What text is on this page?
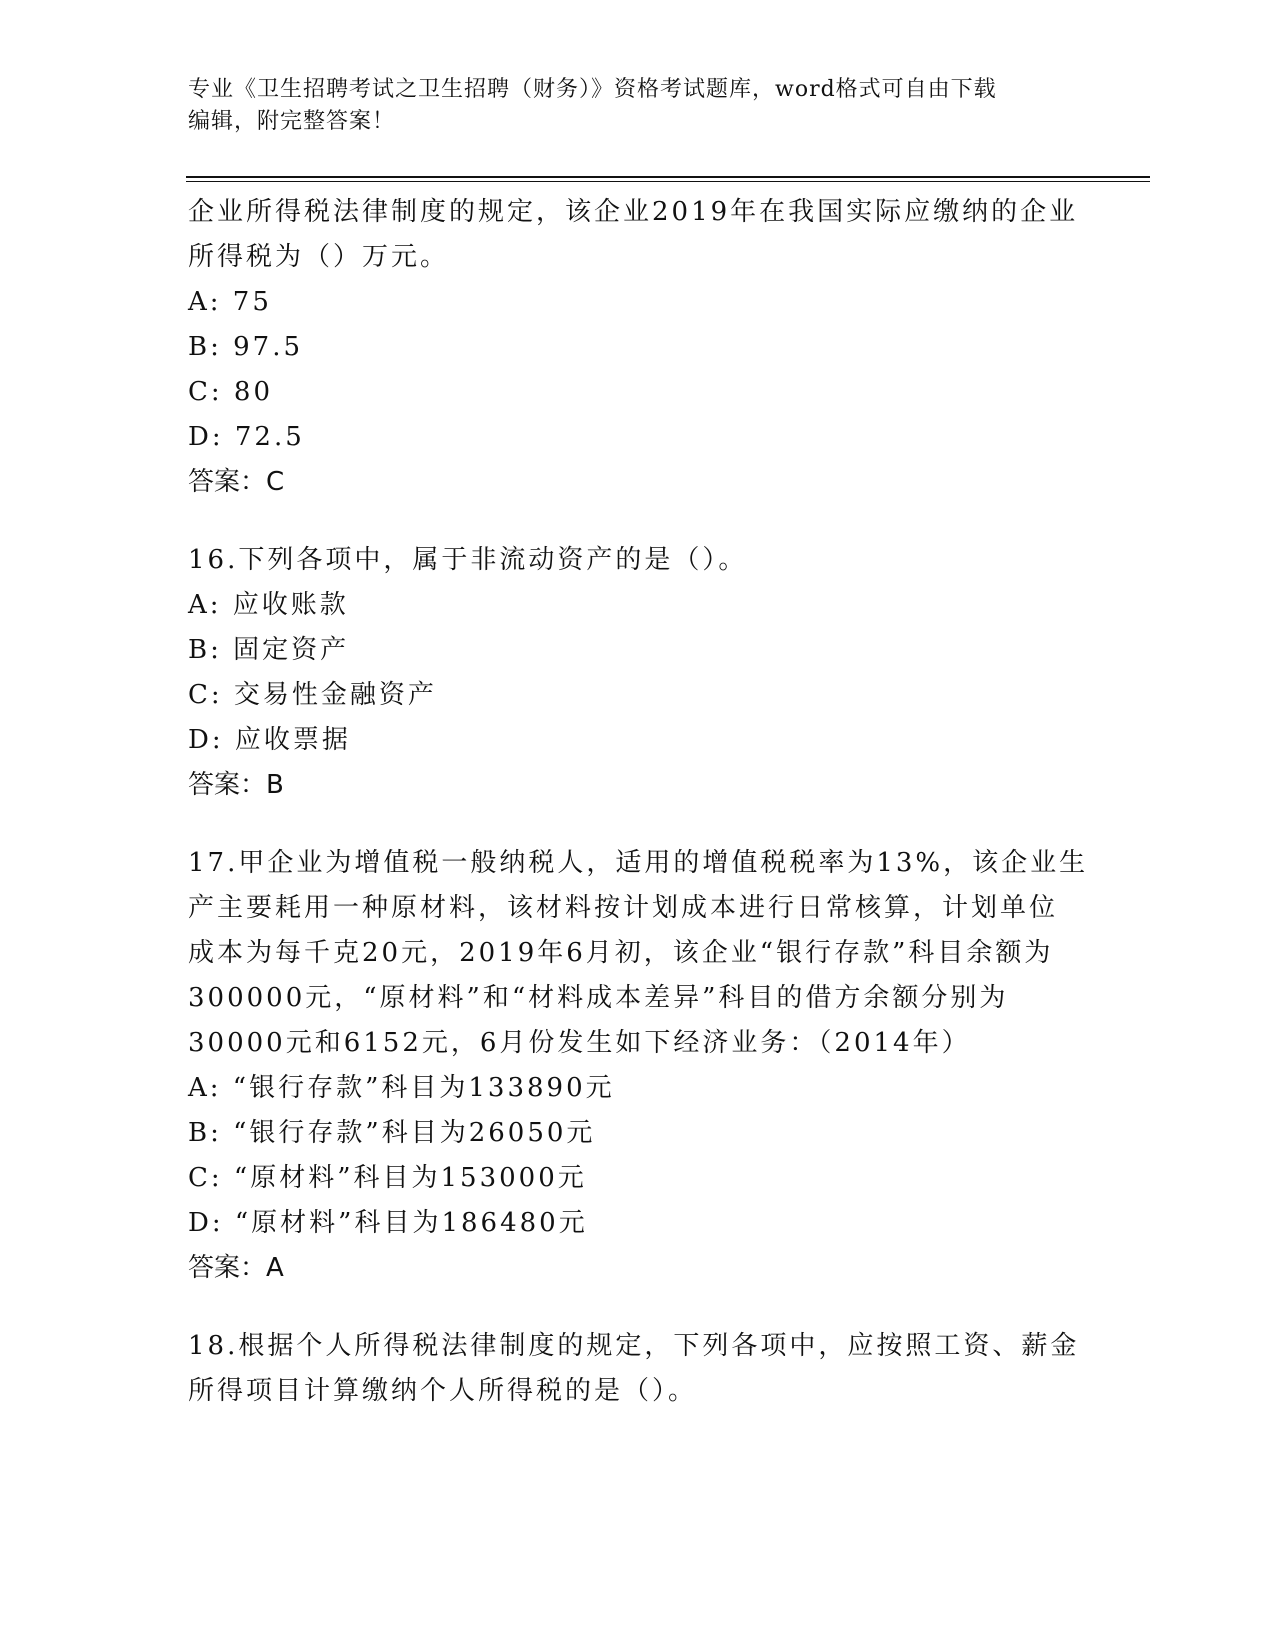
专业《卫生招聘考试之卫生招聘（财务）》资格考试题库，word格式可自由下载
编辑，附完整答案！

企业所得税法律制度的规定，该企业2019年在我国实际应缴纳的企业

所得税为（）万元。

A: 75

B: 97.5

C: 80

D: 72.5

答案：C

16.下列各项中，属于非流动资产的是（）。

A: 应收账款

B: 固定资产

C: 交易性金融资产

D: 应收票据

答案：B

17.甲企业为增值税一般纳税人，适用的增值税税率为13%，该企业生

产主要耗用一种原材料，该材料按计划成本进行日常核算，计划单位

成本为每千克20元，2019年6月初，该企业“银行存款”科目余额为

300000元，“原材料”和“材料成本差异”科目的借方余额分别为

30000元和6152元，6月份发生如下经济业务：（2014年）

A: “银行存款”科目为133890元

B: “银行存款”科目为26050元

C: “原材料”科目为153000元

D: “原材料”科目为186480元

答案：A

18.根据个人所得税法律制度的规定，下列各项中，应按照工资、薪金

所得项目计算缴纳个人所得税的是（）。
